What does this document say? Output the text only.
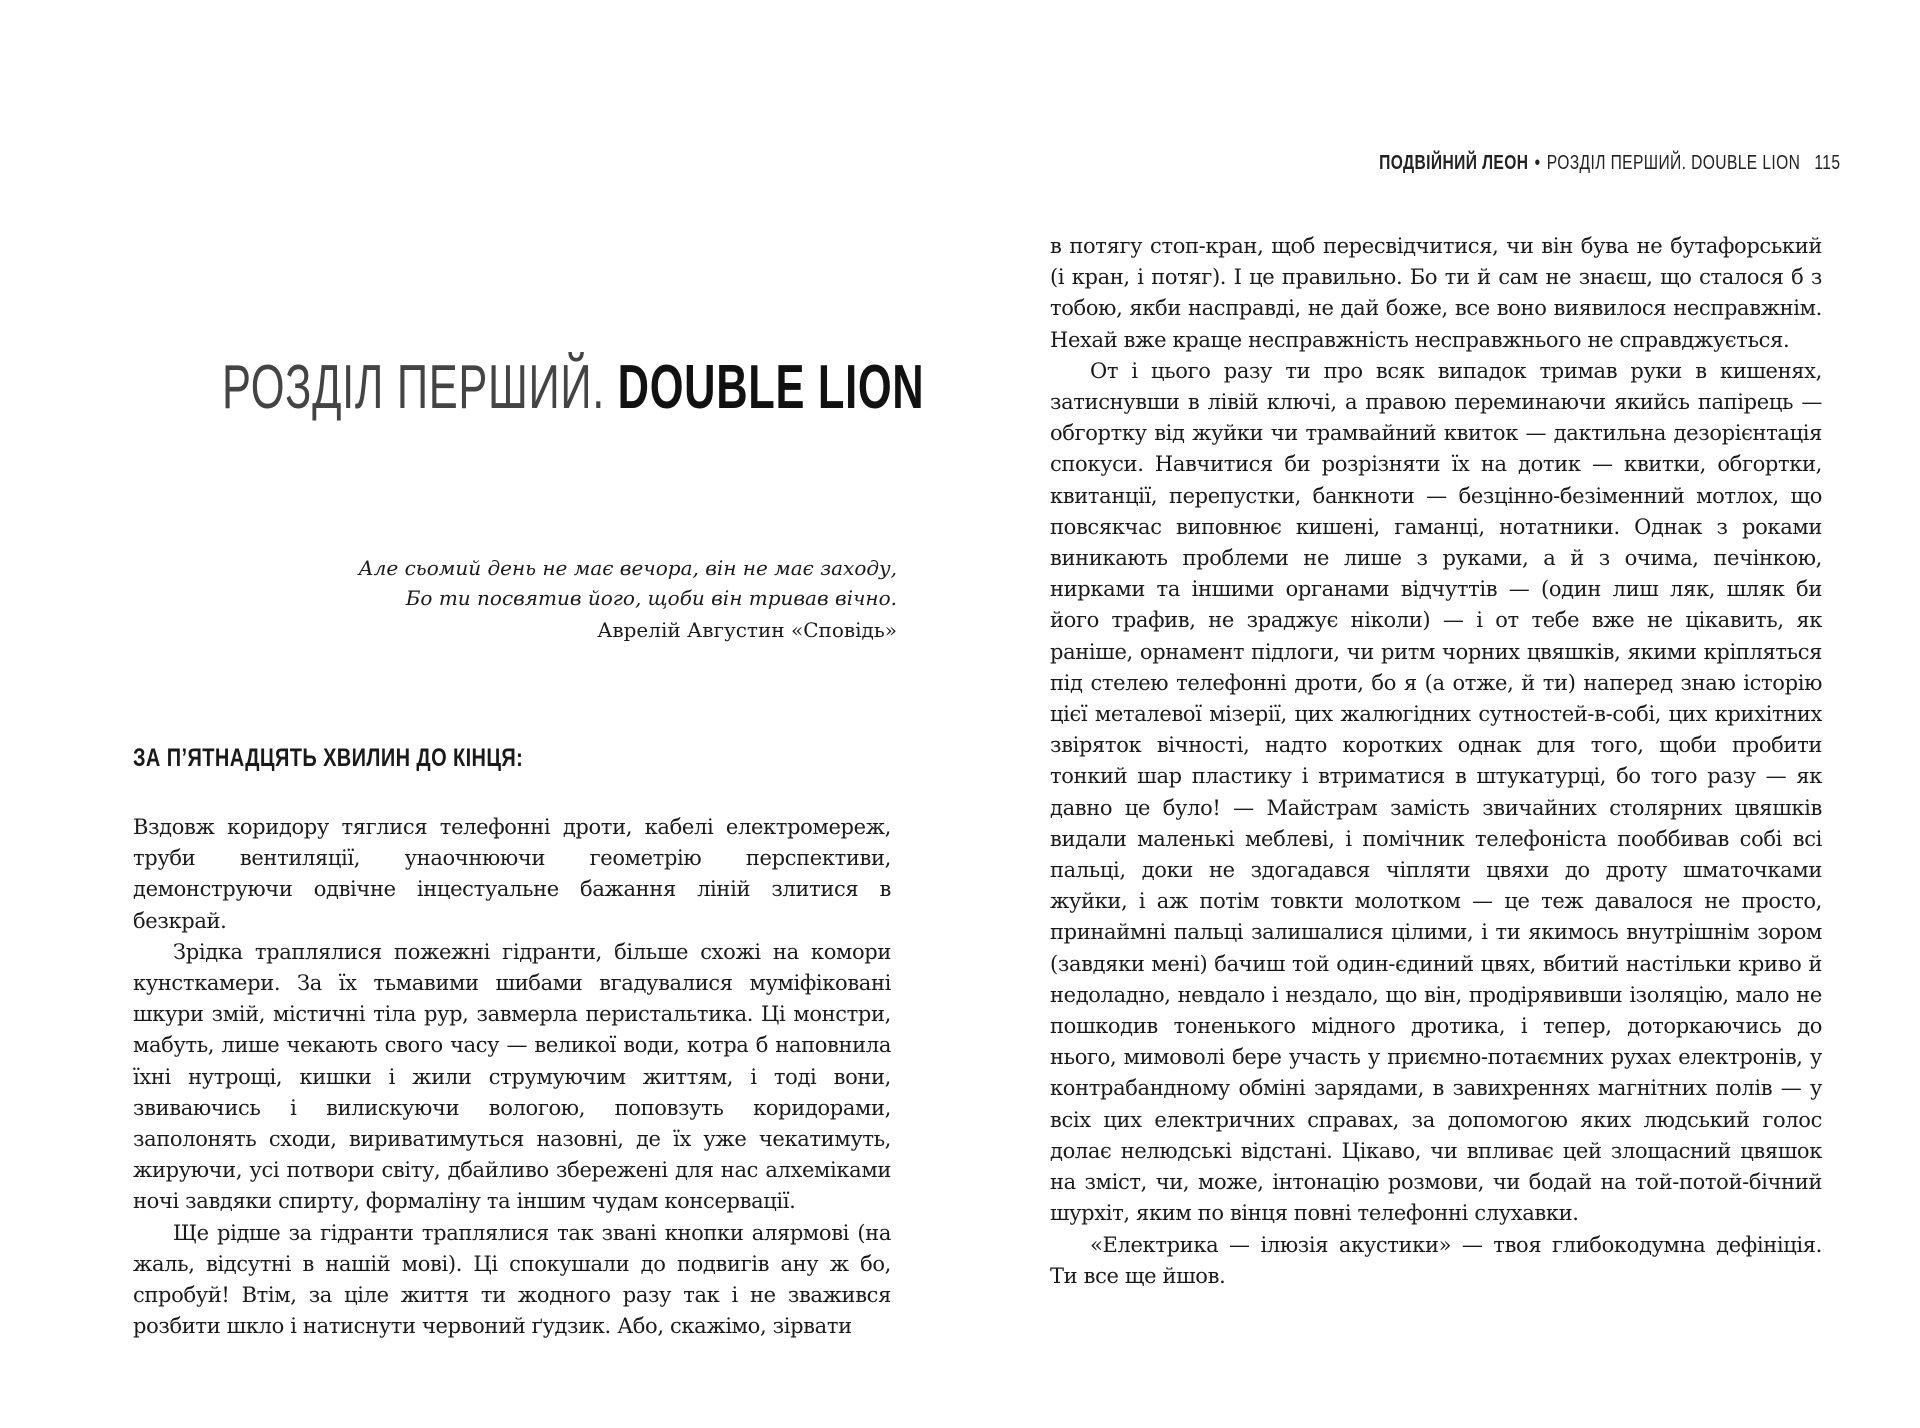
РОЗДІЛ ПЕРШИЙ. DOUBLE LION
Але сьомий день не має вечора, він не має заходу,
Бо ти посвятив його, щоби він тривав вічно.
Аврелій Августин «Сповідь»
ЗА П’ЯТНАДЦЯТЬ ХВИЛИН ДО КІНЦЯ:

Вздовж коридору тяглися телефонні дроти, кабелі електромереж, труби вентиляції, унаочнюючи геометрію перспективи, демонструючи одвічне інцестуальне бажання ліній злитися в безкрай.

Зрідка траплялися пожежні гідранти, більше схожі на комори кунсткамери. За їх тьмавими шибами вгадувалися муміфіковані шкури змій, містичні тіла рур, завмерла перистальтика. Ці монстри, мабуть, лише чекають свого часу — великої води, котра б наповнила їхні нутрощі, кишки і жили струмуючим життям, і тоді вони, звиваючись і вилискуючи вологою, поповзуть коридорами, заполонять сходи, вириватимуться назовні, де їх уже чекатимуть, жируючи, усі потвори світу, дбайливо збережені для нас алхеміками ночі завдяки спирту, формаліну та іншим чудам консервації.

Ще рідше за гідранти траплялися так звані кнопки алярмові (на жаль, відсутні в нашій мові). Ці спокушали до подвигів ану ж бо, спробуй! Втім, за ціле життя ти жодного разу так і не зважився розбити шкло і натиснути червоний ґудзик. Або, скажімо, зірвати

ПОДВІЙНИЙ ЛЕОН • РОЗДІЛ ПЕРШИЙ. DOUBLE LION 115

в потягу стоп-кран, щоб пересвідчитися, чи він бува не бутафорський (і кран, і потяг). І це правильно. Бо ти й сам не знаєш, що сталося б з тобою, якби насправді, не дай боже, все воно виявилося несправжнім. Нехай вже краще несправжність несправжнього не справджується.

От і цього разу ти про всяк випадок тримав руки в кишенях, затиснувши в лівій ключі, а правою переминаючи якийсь папірець — обгортку від жуйки чи трамвайний квиток — дактильна дезорієнтація спокуси. Навчитися би розрізняти їх на дотик — квитки, обгортки, квитанції, перепустки, банкноти — безцінно-безіменний мотлох, що повсякчас виповнює кишені, гаманці, нотатники. Однак з роками виникають проблеми не лише з руками, а й з очима, печінкою, нирками та іншими органами відчуттів — (один лиш ляк, шляк би його трафив, не зраджує ніколи) — і от тебе вже не цікавить, як раніше, орнамент підлоги, чи ритм чорних цвяшків, якими кріпляться під стелею телефонні дроти, бо я (а отже, й ти) наперед знаю історію цієї металевої мізерії, цих жалюгідних сутностей-в-собі, цих крихітних звіряток вічності, надто коротких однак для того, щоби пробити тонкий шар пластику і втриматися в штукатурці, бо того разу — як давно це було! — Майстрам замість звичайних столярних цвяшків видали маленькі меблеві, і помічник телефоніста пооббивав собі всі пальці, доки не здогадався чіпляти цвяхи до дроту шматочками жуйки, і аж потім товкти молотком — це теж давалося не просто, принаймні пальці залишалися цілими, і ти якимось внутрішнім зором (завдяки мені) бачиш той один-єдиний цвях, вбитий настільки криво й недоладно, невдало і нездало, що він, продірявивши ізоляцію, мало не пошкодив тоненького мідного дротика, і тепер, доторкаючись до нього, мимоволі бере участь у приємно-потаємних рухах електронів, у контрабандному обміні зарядами, в завихреннях магнітних полів — у всіх цих електричних справах, за допомогою яких людський голос долає нелюдські відстані. Цікаво, чи впливає цей злощасний цвяшок на зміст, чи, може, інтонацію розмови, чи бодай на той-потой-бічний шурхіт, яким по вінця повні телефонні слухавки.

«Електрика — ілюзія акустики» — твоя глибокодумна дефініція. Ти все ще йшов.
